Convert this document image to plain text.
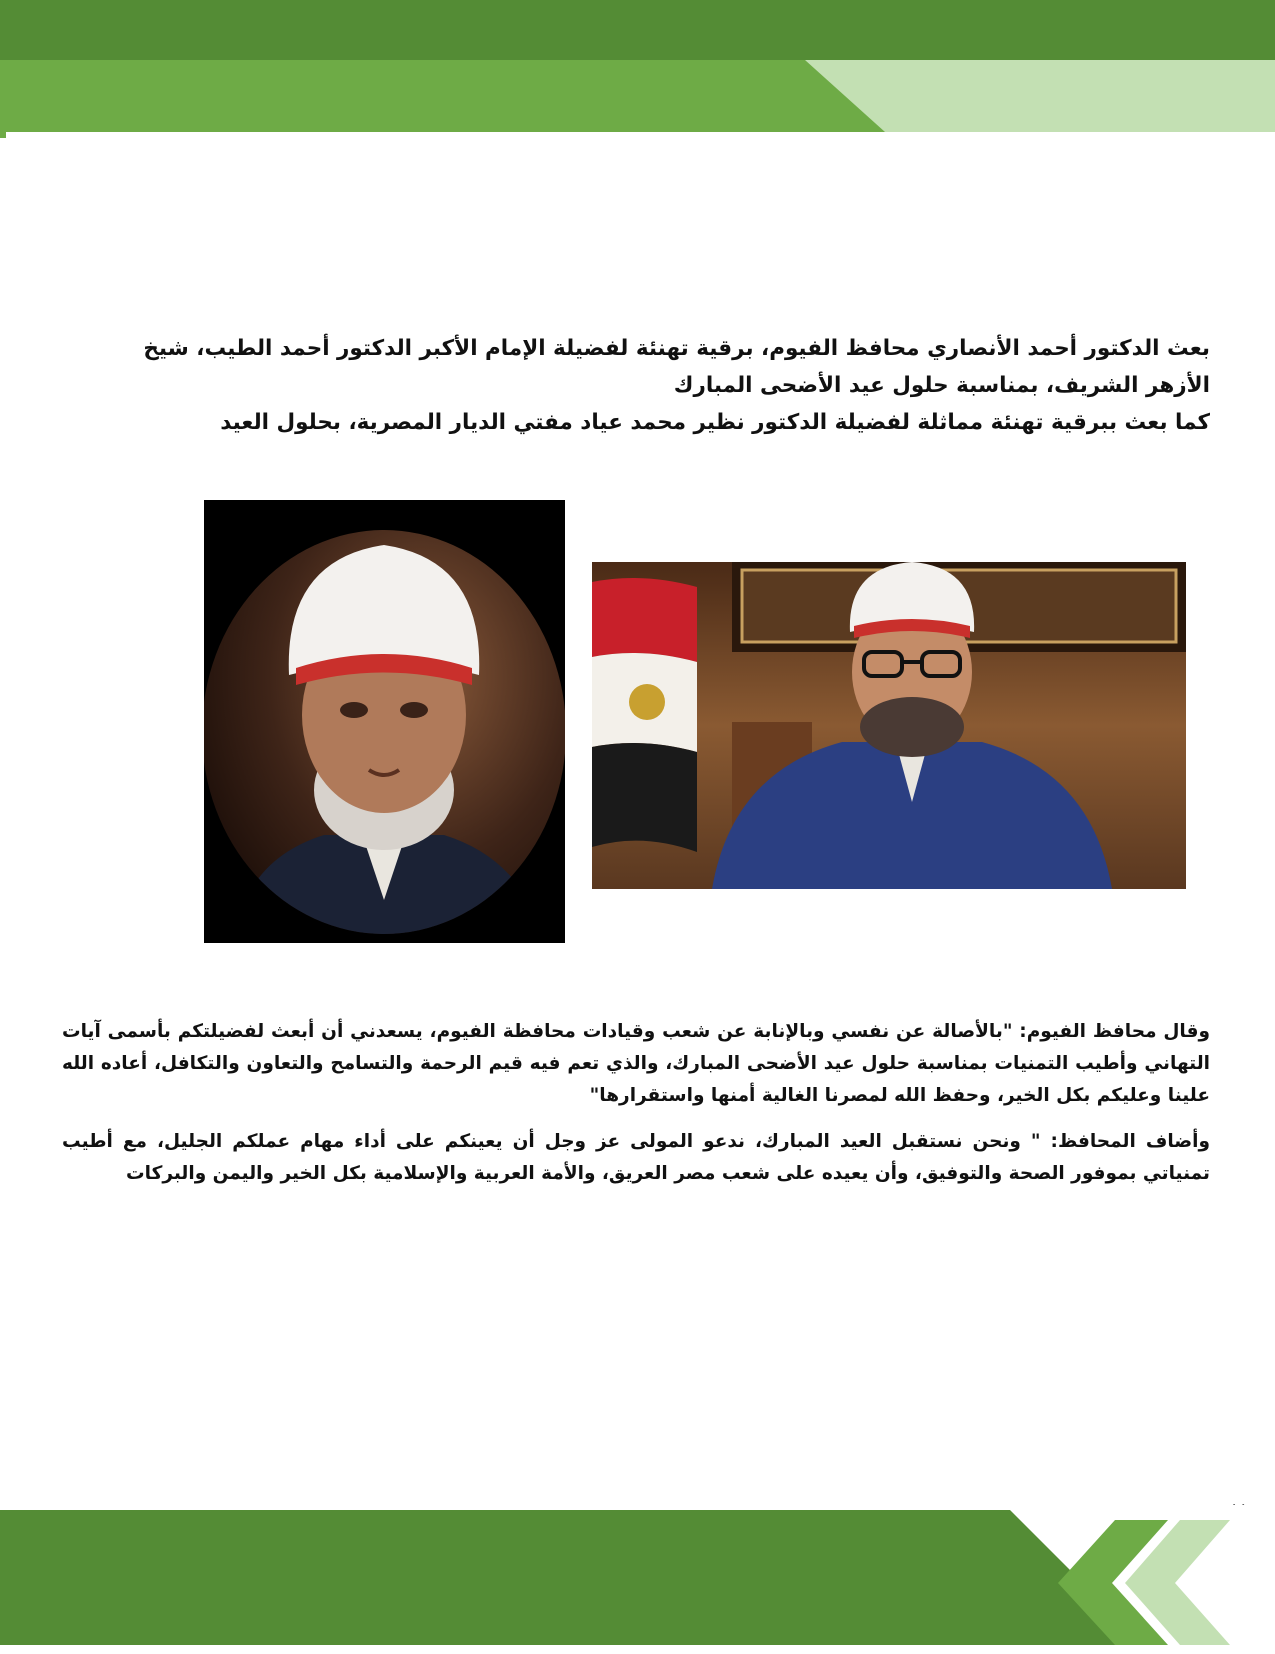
بعث الدكتور أحمد الأنصاري محافظ الفيوم، برقية تهنئة لفضيلة الإمام الأكبر الدكتور أحمد الطيب، شيخ الأزهر الشريف، بمناسبة حلول عيد الأضحى المبارك

كما بعث ببرقية تهنئة مماثلة لفضيلة الدكتور نظير محمد عياد مفتي الديار المصرية، بحلول العيد

وقال محافظ الفيوم: "بالأصالة عن نفسي وبالإنابة عن شعب وقيادات محافظة الفيوم، يسعدني أن أبعث لفضيلتكم بأسمى آيات التهاني وأطيب التمنيات بمناسبة حلول عيد الأضحى المبارك، والذي تعم فيه قيم الرحمة والتسامح والتعاون والتكافل، أعاده الله علينا وعليكم بكل الخير، وحفظ الله لمصرنا الغالية أمنها واستقرارها"

وأضاف المحافظ: " ونحن نستقبل العيد المبارك، ندعو المولى عز وجل أن يعينكم على أداء مهام عملكم الجليل، مع أطيب تمنياتي بموفور الصحة والتوفيق، وأن يعيده على شعب مصر العريق، والأمة العربية والإسلامية بكل الخير واليمن والبركات
